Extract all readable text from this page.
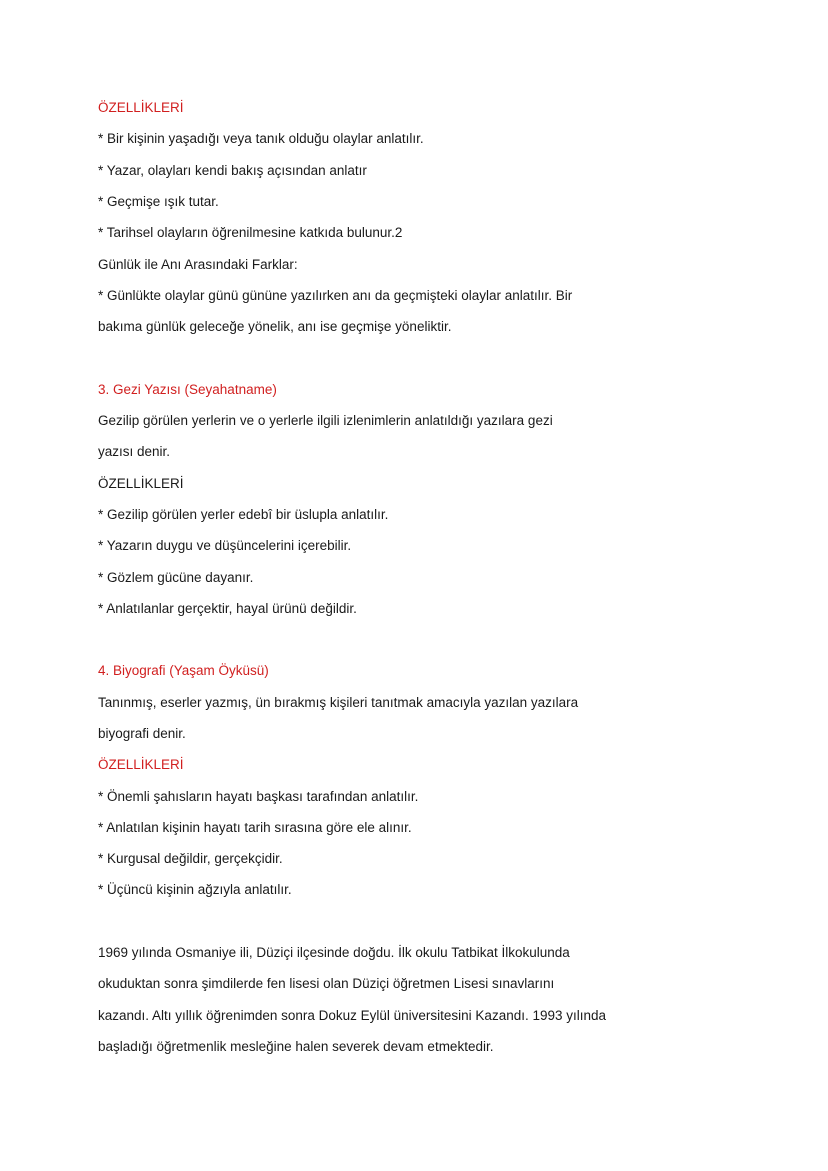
ÖZELLİKLERİ
* Bir kişinin yaşadığı veya tanık olduğu olaylar anlatılır.
* Yazar, olayları kendi bakış açısından anlatır
* Geçmişe ışık tutar.
* Tarihsel olayların öğrenilmesine katkıda bulunur.2
Günlük ile Anı Arasındaki Farklar:
* Günlükte olaylar günü gününe yazılırken anı da geçmişteki olaylar anlatılır. Bir
bakıma günlük geleceğe yönelik, anı ise geçmişe yöneliktir.
3. Gezi Yazısı (Seyahatname)
Gezilip görülen yerlerin ve o yerlerle ilgili izlenimlerin anlatıldığı yazılara gezi
yazısı denir.
ÖZELLİKLERİ
* Gezilip görülen yerler edebî bir üslupla anlatılır.
* Yazarın duygu ve düşüncelerini içerebilir.
* Gözlem gücüne dayanır.
* Anlatılanlar gerçektir, hayal ürünü değildir.
4. Biyografi (Yaşam Öyküsü)
Tanınmış, eserler yazmış, ün bırakmış kişileri tanıtmak amacıyla yazılan yazılara
biyografi denir.
ÖZELLİKLERİ
* Önemli şahısların hayatı başkası tarafından anlatılır.
* Anlatılan kişinin hayatı tarih sırasına göre ele alınır.
* Kurgusal değildir, gerçekçidir.
* Üçüncü kişinin ağzıyla anlatılır.
1969 yılında Osmaniye ili, Düziçi ilçesinde doğdu. İlk okulu Tatbikat İlkokulunda
okuduktan sonra şimdilerde fen lisesi olan Düziçi öğretmen Lisesi sınavlarını
kazandı. Altı yıllık öğrenimden sonra Dokuz Eylül üniversitesini Kazandı. 1993 yılında
başladığı öğretmenlik mesleğine halen severek devam etmektedir.
